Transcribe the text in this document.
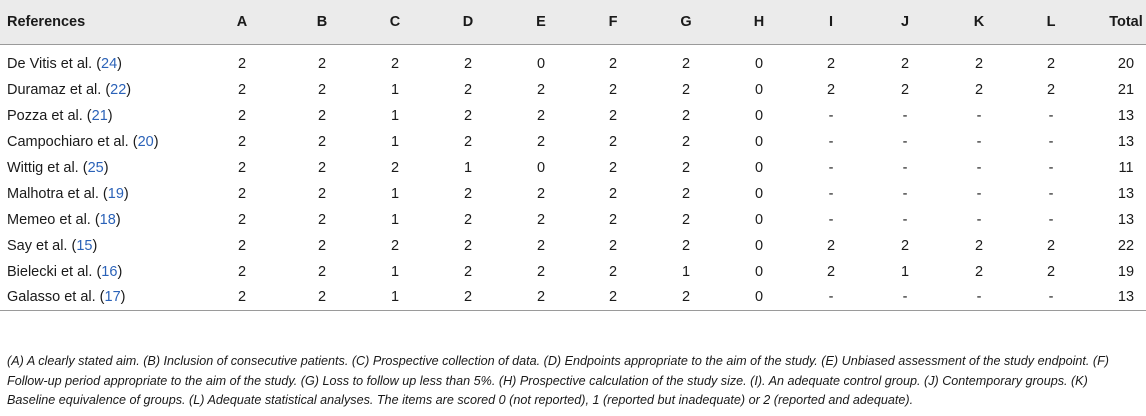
References	A	B	C	D	E	F	G	H	I	J	K	L	Total
De Vitis et al. (24)	2	2	2	2	0	2	2	0	2	2	2	2	20
Duramaz et al. (22)	2	2	1	2	2	2	2	0	2	2	2	2	21
Pozza et al. (21)	2	2	1	2	2	2	2	0	-	-	-	-	13
Campochiaro et al. (20)	2	2	1	2	2	2	2	0	-	-	-	-	13
Wittig et al. (25)	2	2	2	1	0	2	2	0	-	-	-	-	11
Malhotra et al. (19)	2	2	1	2	2	2	2	0	-	-	-	-	13
Memeo et al. (18)	2	2	1	2	2	2	2	0	-	-	-	-	13
Say et al. (15)	2	2	2	2	2	2	2	0	2	2	2	2	22
Bielecki et al. (16)	2	2	1	2	2	2	1	0	2	1	2	2	19
Galasso et al. (17)	2	2	1	2	2	2	2	0	-	-	-	-	13
(A) A clearly stated aim. (B) Inclusion of consecutive patients. (C) Prospective collection of data. (D) Endpoints appropriate to the aim of the study. (E) Unbiased assessment of the study endpoint. (F) Follow-up period appropriate to the aim of the study. (G) Loss to follow up less than 5%. (H) Prospective calculation of the study size. (I). An adequate control group. (J) Contemporary groups. (K) Baseline equivalence of groups. (L) Adequate statistical analyses. The items are scored 0 (not reported), 1 (reported but inadequate) or 2 (reported and adequate).
